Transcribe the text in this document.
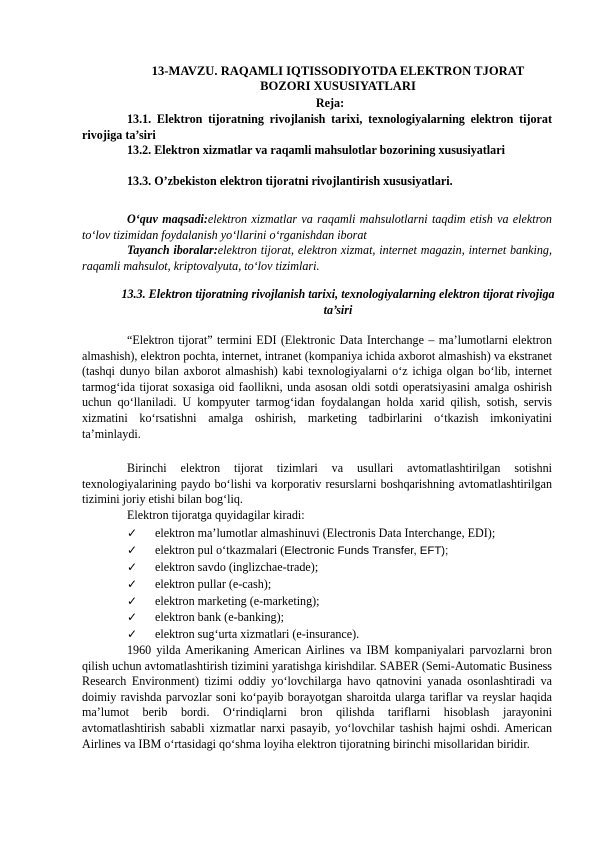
13-MAVZU. RAQAMLI IQTISSODIYOTDA ELEKTRON TJORAT
BOZORI XUSUSIYATLARI
Reja:
13.1. Elektron tijoratning rivojlanish tarixi, texnologiyalarning elektron tijorat rivojiga ta’siri
13.2. Elektron xizmatlar va raqamli mahsulotlar bozorining xususiyatlari
13.3. O’zbekiston elektron tijoratni rivojlantirish xususiyatlari.
O‘quv maqsadi:elektron xizmatlar va raqamli mahsulotlarni taqdim etish va elektron to‘lov tizimidan foydalanish yo‘llarini o‘rganishdan iborat
Tayanch iboralar:elektron tijorat, elektron xizmat, internet magazin, internet banking, raqamli mahsulot, kriptovalyuta, to‘lov tizimlari.
13.3. Elektron tijoratning rivojlanish tarixi, texnologiyalarning elektron tijorat rivojiga ta’siri
“Elektron tijorat” termini EDI (Elektronic Data Interchange – ma’lumotlarni elektron almashish), elektron pochta, internet, intranet (kompaniya ichida axborot almashish) va ekstranet (tashqi dunyo bilan axborot almashish) kabi texnologiyalarni o‘z ichiga olgan bo‘lib, internet tarmog‘ida tijorat soxasiga oid faollikni, unda asosan oldi sotdi operatsiyasini amalga oshirish uchun qo‘llaniladi. U kompyuter tarmog‘idan foydalangan holda xarid qilish, sotish, servis xizmatini ko‘rsatishni amalga oshirish, marketing tadbirlarini o‘tkazish imkoniyatini ta’minlaydi.
Birinchi elektron tijorat tizimlari va usullari avtomatlashtirilgan sotishni texnologiyalarining paydo bo‘lishi va korporativ resurslarni boshqarishning avtomatlashtirilgan tizimini joriy etishi bilan bog‘liq.
Elektron tijoratga quyidagilar kiradi:
✓	elektron ma’lumotlar almashinuvi (Electronis Data Interchange, EDI);
✓	elektron pul o‘tkazmalari (Electronic Funds Transfer, EFT);
✓	elektron savdo (inglizchae-trade);
✓	elektron pullar (e-cash);
✓	elektron marketing (e-marketing);
✓	elektron bank (e-banking);
✓	elektron sug‘urta xizmatlari (e-insurance).
1960 yilda Amerikaning American Airlines va IBM kompaniyalari parvozlarni bron qilish uchun avtomatlashtirish tizimini yaratishga kirishdilar. SABER (Semi-Automatic Business Research Environment) tizimi oddiy yo‘lovchilarga havo qatnovini yanada osonlashtiradi va doimiy ravishda parvozlar soni ko‘payib borayotgan sharoitda ularga tariflar va reyslar haqida ma’lumot berib bordi. O‘rindiqlarni bron qilishda tariflarni hisoblash jarayonini avtomatlashtirish sababli xizmatlar narxi pasayib, yo‘lovchilar tashish hajmi oshdi. American Airlines va IBM o‘rtasidagi qo‘shma loyiha elektron tijoratning birinchi misollaridan biridir.
